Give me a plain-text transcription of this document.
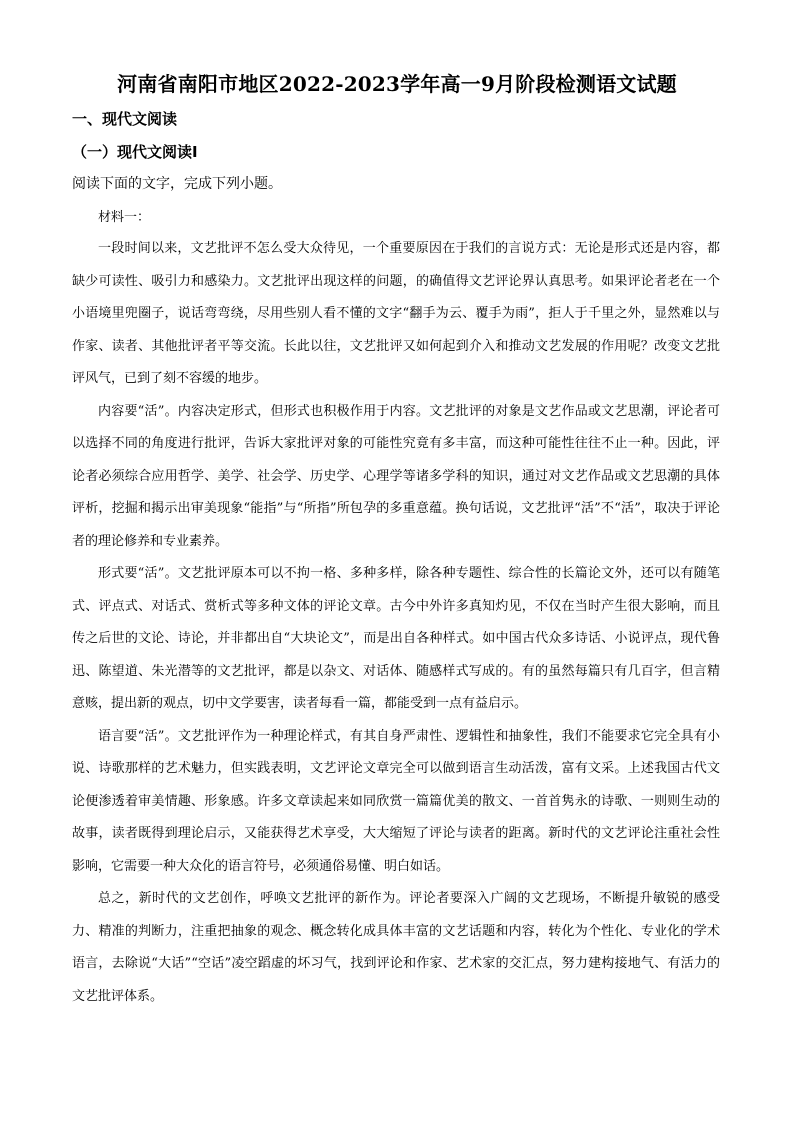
河南省南阳市地区2022-2023学年高一9月阶段检测语文试题
一、现代文阅读
（一）现代文阅读Ⅰ
阅读下面的文字，完成下列小题。

材料一：

一段时间以来，文艺批评不怎么受大众待见，一个重要原因在于我们的言说方式：无论是形式还是内容，都缺少可读性、吸引力和感染力。文艺批评出现这样的问题，的确值得文艺评论界认真思考。如果评论者老在一个小语境里兜圈子，说话弯弯绕，尽用些别人看不懂的文字“翻手为云、覆手为雨”，拒人于千里之外，显然难以与作家、读者、其他批评者平等交流。长此以往，文艺批评又如何起到介入和推动文艺发展的作用呢？改变文艺批评风气，已到了刻不容缓的地步。

内容要“活”。内容决定形式，但形式也积极作用于内容。文艺批评的对象是文艺作品或文艺思潮，评论者可以选择不同的角度进行批评，告诉大家批评对象的可能性究竟有多丰富，而这种可能性往往不止一种。因此，评论者必须综合应用哲学、美学、社会学、历史学、心理学等诸多学科的知识，通过对文艺作品或文艺思潮的具体评析，挖掘和揭示出审美现象“能指”与“所指”所包孕的多重意蕴。换句话说，文艺批评“活”不“活”，取决于评论者的理论修养和专业素养。

形式要“活”。文艺批评原本可以不拘一格、多种多样，除各种专题性、综合性的长篇论文外，还可以有随笔式、评点式、对话式、赏析式等多种文体的评论文章。古今中外许多真知灼见，不仅在当时产生很大影响，而且传之后世的文论、诗论，并非都出自“大块论文”，而是出自各种样式。如中国古代众多诗话、小说评点，现代鲁迅、陈望道、朱光潜等的文艺批评，都是以杂文、对话体、随感样式写成的。有的虽然每篇只有几百字，但言精意赅，提出新的观点，切中文学要害，读者每看一篇，都能受到一点有益启示。

语言要“活”。文艺批评作为一种理论样式，有其自身严肃性、逻辑性和抽象性，我们不能要求它完全具有小说、诗歌那样的艺术魅力，但实践表明，文艺评论文章完全可以做到语言生动活泼，富有文采。上述我国古代文论便渗透着审美情趣、形象感。许多文章读起来如同欣赏一篇篇优美的散文、一首首隽永的诗歌、一则则生动的故事，读者既得到理论启示，又能获得艺术享受，大大缩短了评论与读者的距离。新时代的文艺评论注重社会性影响，它需要一种大众化的语言符号，必须通俗易懂、明白如话。

总之，新时代的文艺创作，呼唤文艺批评的新作为。评论者要深入广阔的文艺现场，不断提升敏锐的感受力、精准的判断力，注重把抽象的观念、概念转化成具体丰富的文艺话题和内容，转化为个性化、专业化的学术语言，去除说“大话”“空话”凌空蹈虚的坏习气，找到评论和作家、艺术家的交汇点，努力建构接地气、有活力的文艺批评体系。
